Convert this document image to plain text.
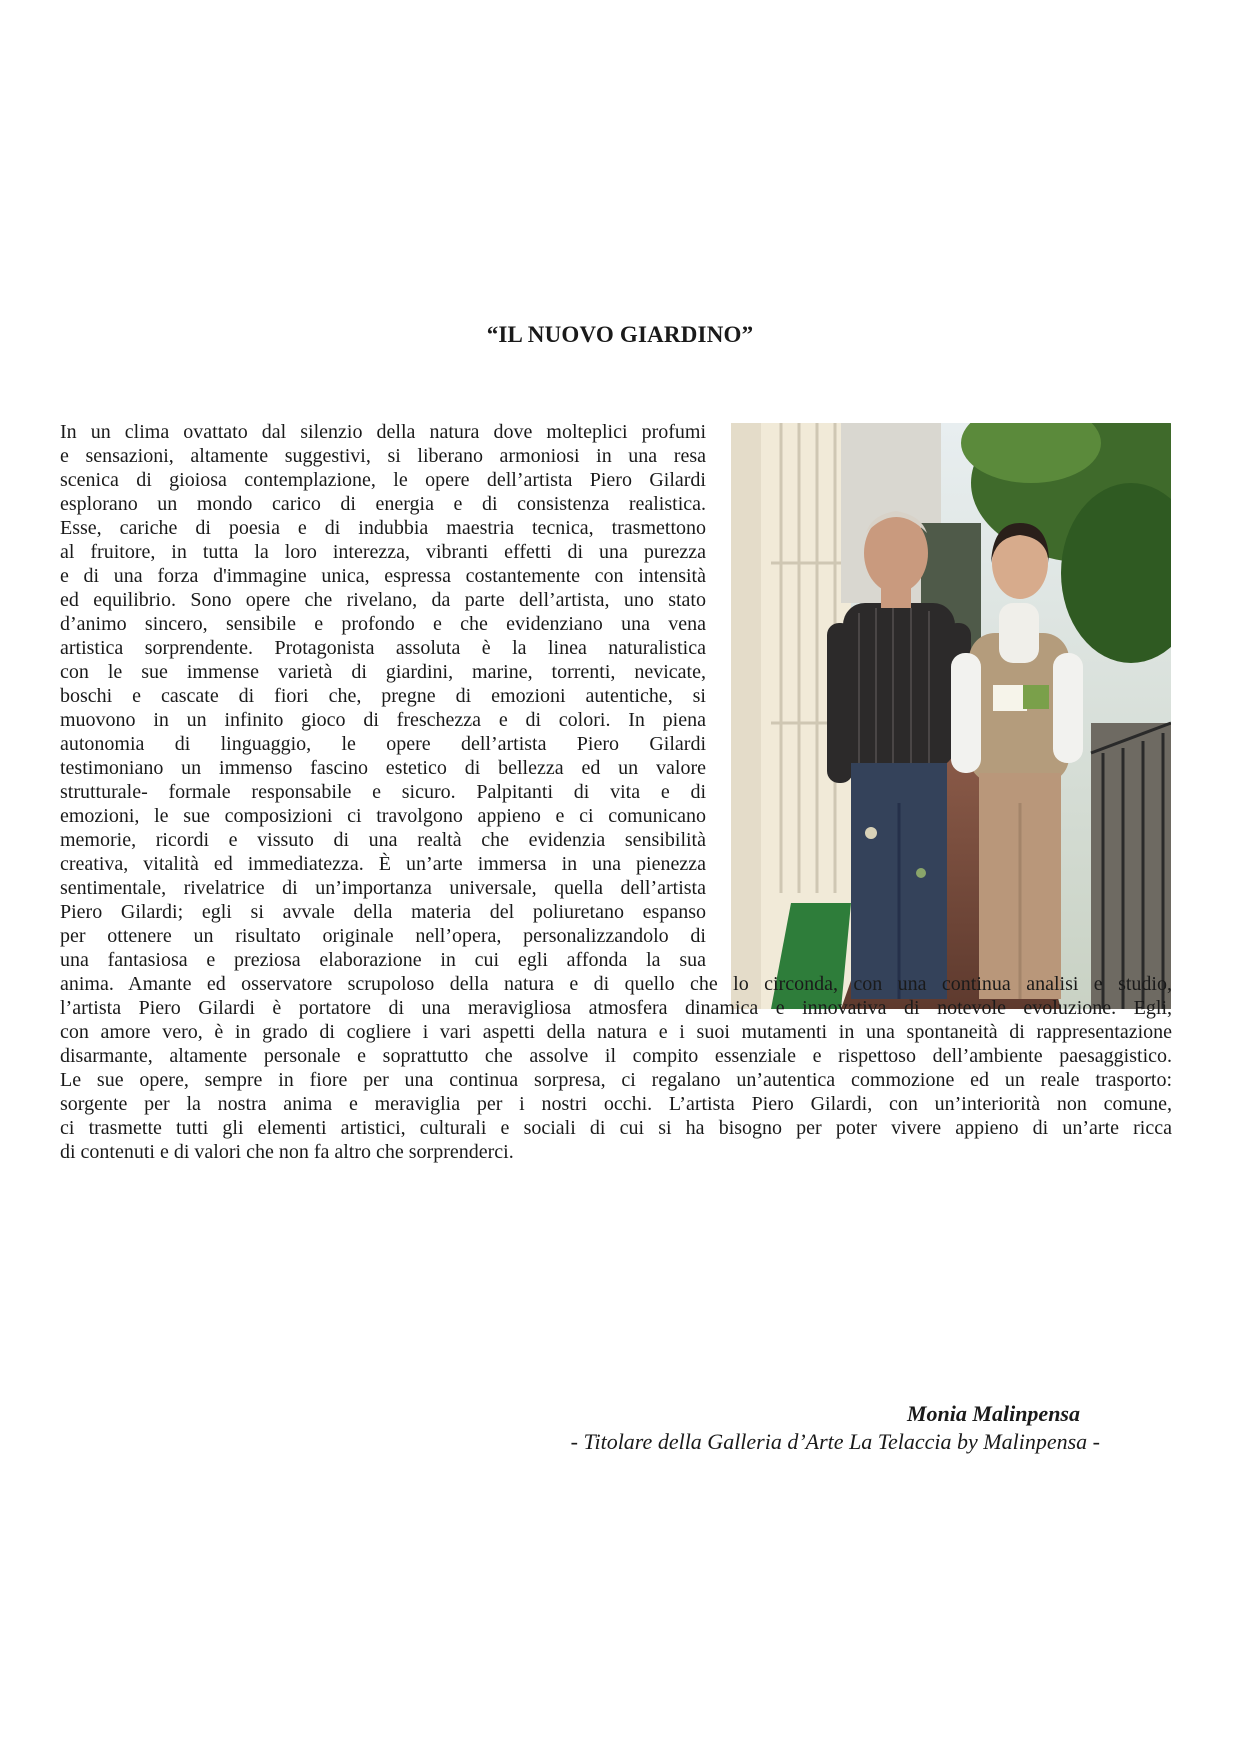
“IL NUOVO GIARDINO”
In un clima ovattato dal silenzio della natura dove molteplici profumi
e sensazioni, altamente suggestivi, si liberano armoniosi in una resa
scenica di gioiosa contemplazione, le opere dell’artista Piero Gilardi
esplorano un mondo carico di energia e di consistenza realistica.
Esse, cariche di poesia e di indubbia maestria tecnica, trasmettono
al fruitore, in tutta la loro interezza, vibranti effetti di una purezza
e di una forza d'immagine unica, espressa costantemente con intensità
ed equilibrio. Sono opere che rivelano, da parte dell’artista, uno stato
d’animo sincero, sensibile e profondo e che evidenziano una vena
artistica sorprendente. Protagonista assoluta è la linea naturalistica
con le sue immense varietà di giardini, marine, torrenti, nevicate,
boschi e cascate di fiori che, pregne di emozioni autentiche, si
muovono in un infinito gioco di freschezza e di colori. In piena
autonomia di linguaggio, le opere dell’artista Piero Gilardi
testimoniano un immenso fascino estetico di bellezza ed un valore
strutturale- formale responsabile e sicuro. Palpitanti di vita e di
emozioni, le sue composizioni ci travolgono appieno e ci comunicano
memorie, ricordi e vissuto di una realtà che evidenzia sensibilità
creativa, vitalità ed immediatezza. È un’arte immersa in una pienezza
sentimentale, rivelatrice di un’importanza universale, quella dell’artista
Piero Gilardi; egli si avvale della materia del poliuretano espanso
per ottenere un risultato originale nell’opera, personalizzandolo di
una fantasiosa e preziosa elaborazione in cui egli affonda la sua
anima. Amante ed osservatore scrupoloso della natura e di quello che lo circonda, con una continua analisi e studio,
l’artista Piero Gilardi è portatore di una meravigliosa atmosfera dinamica e innovativa di notevole evoluzione. Egli,
con amore vero, è in grado di cogliere i vari aspetti della natura e i suoi mutamenti in una spontaneità di rappresentazione
disarmante, altamente personale e soprattutto che assolve il compito essenziale e rispettoso dell’ambiente paesaggistico.
Le sue opere, sempre in fiore per una continua sorpresa, ci regalano un’autentica commozione ed un reale trasporto:
sorgente per la nostra anima e meraviglia per i nostri occhi. L’artista Piero Gilardi, con un’interiorità non comune,
ci trasmette tutti gli elementi artistici, culturali e sociali di cui si ha bisogno per poter vivere appieno di un’arte ricca
di contenuti e di valori che non fa altro che sorprenderci.
Monia Malinpensa
- Titolare della Galleria d’Arte La Telaccia by Malinpensa -
